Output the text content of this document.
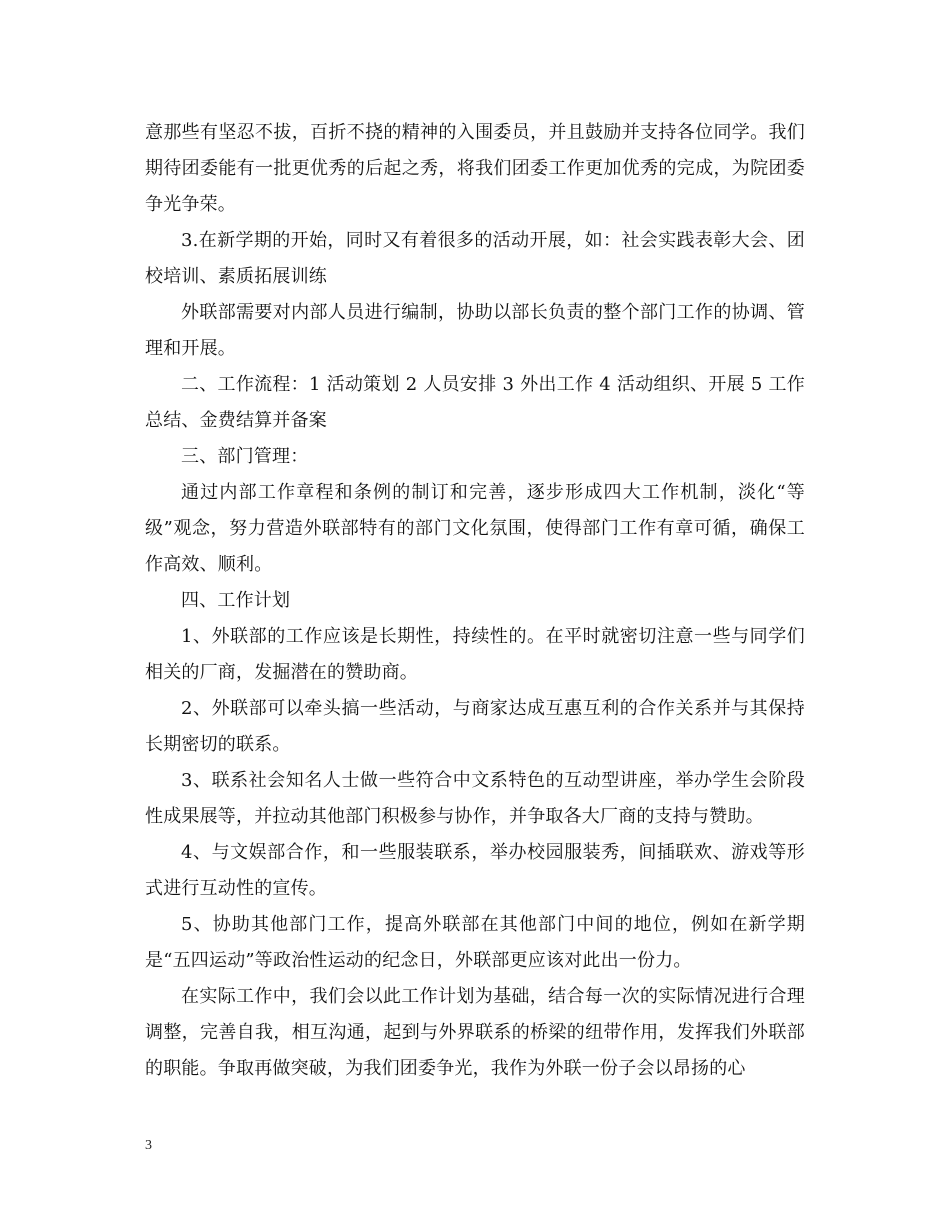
意那些有坚忍不拔，百折不挠的精神的入围委员，并且鼓励并支持各位同学。我们期待团委能有一批更优秀的后起之秀，将我们团委工作更加优秀的完成，为院团委争光争荣。

3.在新学期的开始，同时又有着很多的活动开展，如：社会实践表彰大会、团校培训、素质拓展训练

外联部需要对内部人员进行编制，协助以部长负责的整个部门工作的协调、管理和开展。

二、工作流程：1 活动策划 2 人员安排 3 外出工作 4 活动组织、开展 5 工作总结、金费结算并备案

三、部门管理：

通过内部工作章程和条例的制订和完善，逐步形成四大工作机制，淡化“等级”观念，努力营造外联部特有的部门文化氛围，使得部门工作有章可循，确保工作高效、顺利。

四、工作计划

1、外联部的工作应该是长期性，持续性的。在平时就密切注意一些与同学们相关的厂商，发掘潜在的赞助商。

2、外联部可以牵头搞一些活动，与商家达成互惠互利的合作关系并与其保持长期密切的联系。

3、联系社会知名人士做一些符合中文系特色的互动型讲座，举办学生会阶段性成果展等，并拉动其他部门积极参与协作，并争取各大厂商的支持与赞助。

4、与文娱部合作，和一些服装联系，举办校园服装秀，间插联欢、游戏等形式进行互动性的宣传。

5、协助其他部门工作，提高外联部在其他部门中间的地位，例如在新学期是“五四运动”等政治性运动的纪念日，外联部更应该对此出一份力。

在实际工作中，我们会以此工作计划为基础，结合每一次的实际情况进行合理调整，完善自我，相互沟通，起到与外界联系的桥梁的纽带作用，发挥我们外联部的职能。争取再做突破，为我们团委争光，我作为外联一份子会以昂扬的心

3
